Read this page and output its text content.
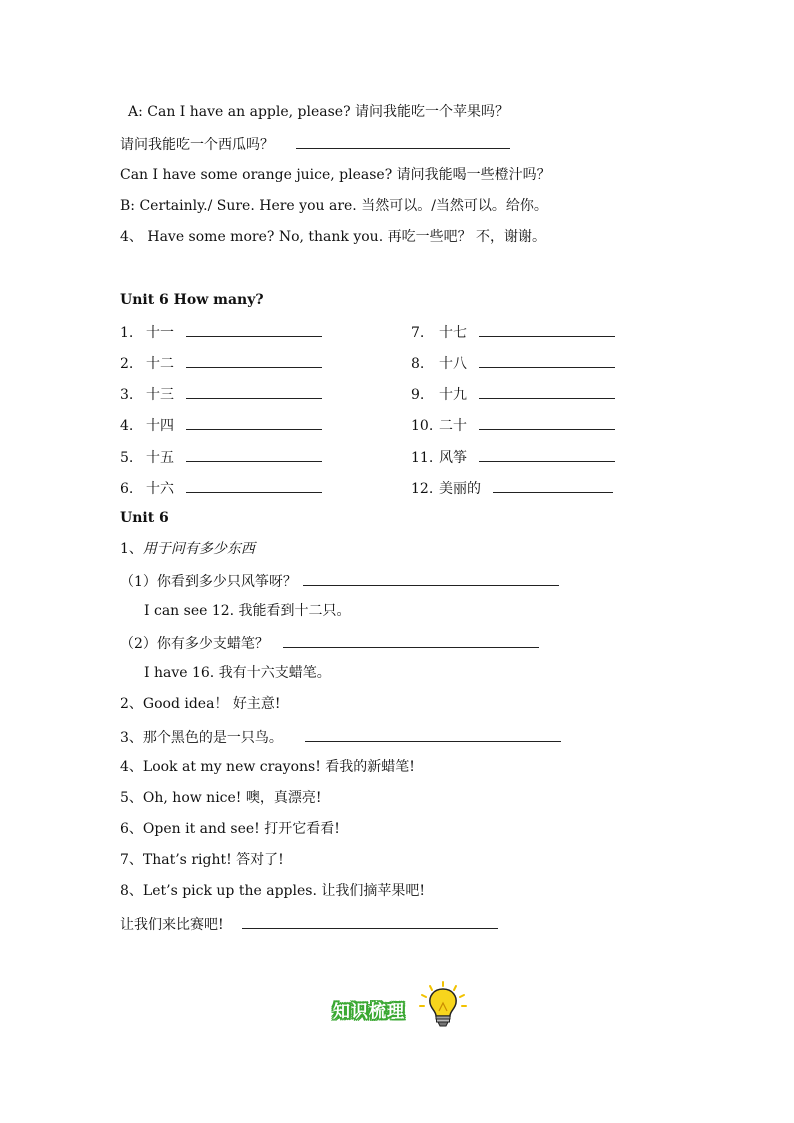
A: Can I have an apple, please? 请问我能吃一个苹果吗？
请问我能吃一个西瓜吗？
Can I have some orange juice, please? 请问我能喝一些橙汁吗？
B: Certainly./ Sure. Here you are. 当然可以。/当然可以。给你。
4、 Have some more? No, thank you. 再吃一些吧？ 不，谢谢。
Unit 6 How many?
1. 十一
2. 十二
3. 十三
4. 十四
5. 十五
6. 十六
7. 十七
8. 十八
9. 十九
10. 二十
11. 风筝
12. 美丽的
Unit 6
1、用于问有多少东西
（1）你看到多少只风筝呀？
I can see 12. 我能看到十二只。
（2）你有多少支蜡笔？
I have 16. 我有十六支蜡笔。
2、Good idea！ 好主意!
3、那个黑色的是一只鸟。
4、Look at my new crayons! 看我的新蜡笔!
5、Oh, how nice! 噢，真漂亮!
6、Open it and see! 打开它看看!
7、That’s right! 答对了!
8、Let’s pick up the apples. 让我们摘苹果吧!
让我们来比赛吧!
知识梳理
